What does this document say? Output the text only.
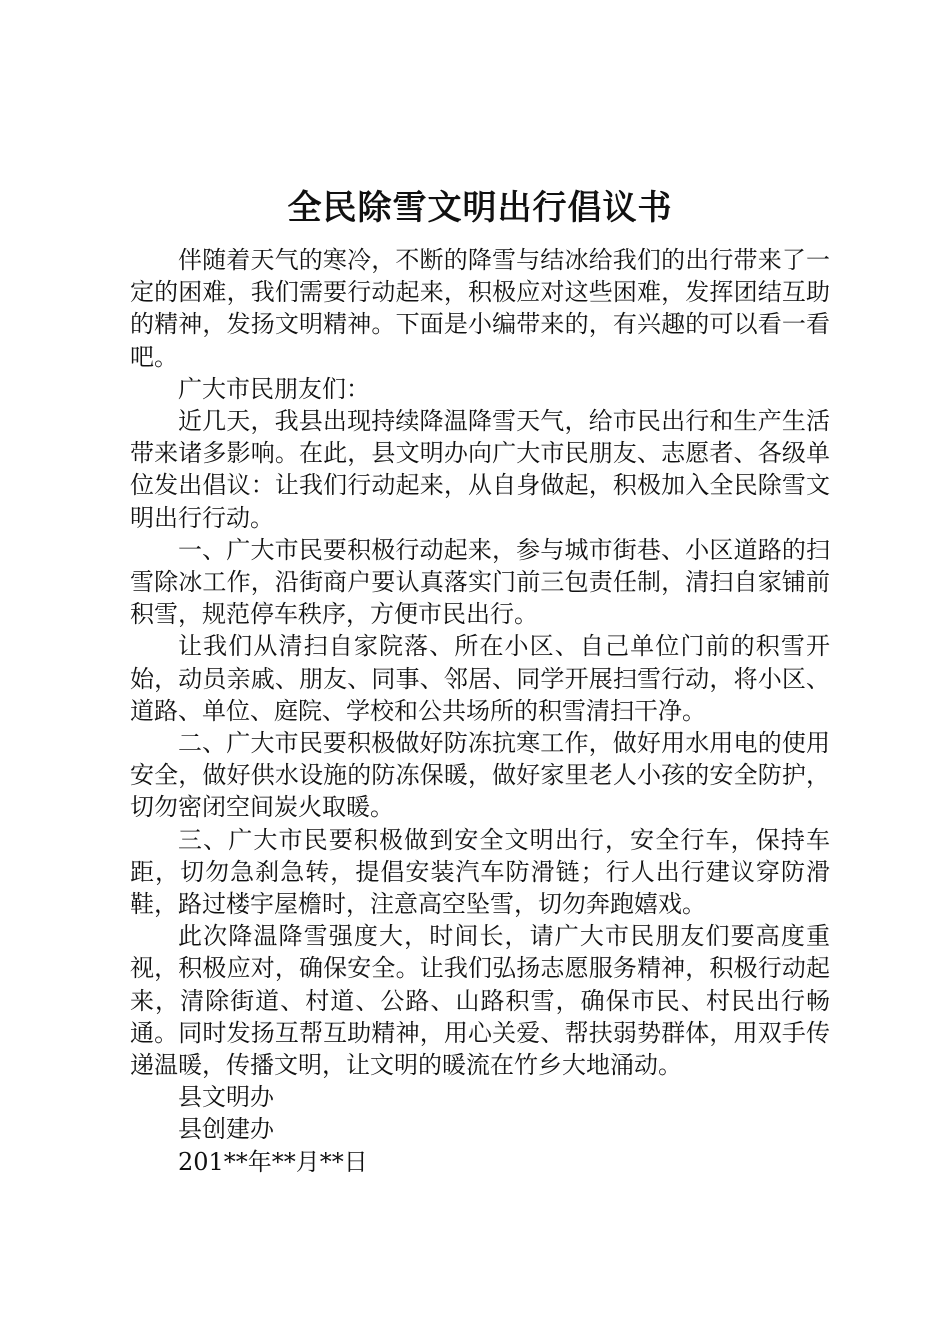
全民除雪文明出行倡议书

伴随着天气的寒冷，不断的降雪与结冰给我们的出行带来了一定的困难，我们需要行动起来，积极应对这些困难，发挥团结互助的精神，发扬文明精神。下面是小编带来的，有兴趣的可以看一看吧。

广大市民朋友们：

近几天，我县出现持续降温降雪天气，给市民出行和生产生活带来诸多影响。在此，县文明办向广大市民朋友、志愿者、各级单位发出倡议：让我们行动起来，从自身做起，积极加入全民除雪文明出行行动。

一、广大市民要积极行动起来，参与城市街巷、小区道路的扫雪除冰工作，沿街商户要认真落实门前三包责任制，清扫自家铺前积雪，规范停车秩序，方便市民出行。

让我们从清扫自家院落、所在小区、自己单位门前的积雪开始，动员亲戚、朋友、同事、邻居、同学开展扫雪行动，将小区、道路、单位、庭院、学校和公共场所的积雪清扫干净。

二、广大市民要积极做好防冻抗寒工作，做好用水用电的使用安全，做好供水设施的防冻保暖，做好家里老人小孩的安全防护，切勿密闭空间炭火取暖。

三、广大市民要积极做到安全文明出行，安全行车，保持车距，切勿急刹急转，提倡安装汽车防滑链；行人出行建议穿防滑鞋，路过楼宇屋檐时，注意高空坠雪，切勿奔跑嬉戏。

此次降温降雪强度大，时间长，请广大市民朋友们要高度重视，积极应对，确保安全。让我们弘扬志愿服务精神，积极行动起来，清除街道、村道、公路、山路积雪，确保市民、村民出行畅通。同时发扬互帮互助精神，用心关爱、帮扶弱势群体，用双手传递温暖，传播文明，让文明的暖流在竹乡大地涌动。

县文明办
县创建办
201**年**月**日
